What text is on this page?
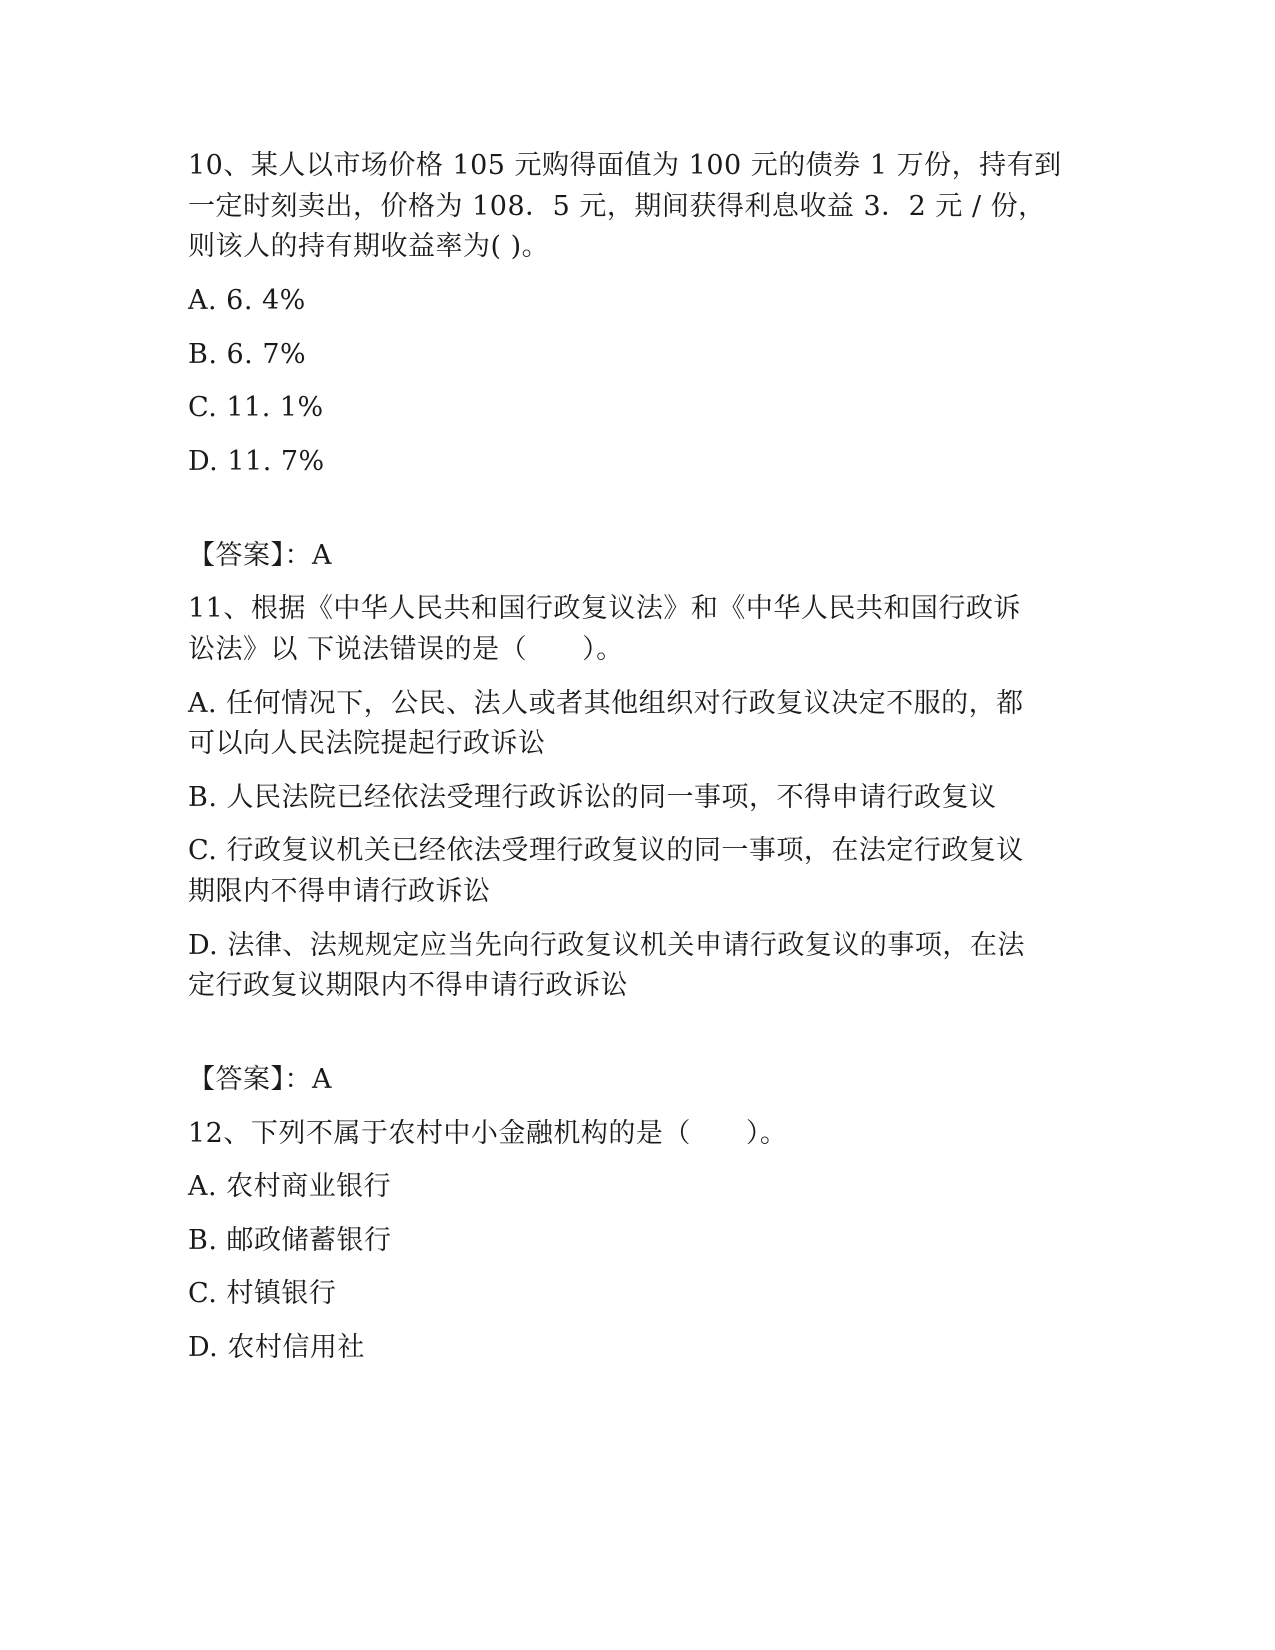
10、某人以市场价格 105 元购得面值为 100 元的债券 1 万份，持有到
一定时刻卖出，价格为 108．5 元，期间获得利息收益 3．2 元 / 份，
则该人的持有期收益率为( )。
A. 6. 4%
B. 6. 7%
C. 11. 1%
D. 11. 7%
【答案】：A
11、根据《中华人民共和国行政复议法》和《中华人民共和国行政诉
讼法》以 下说法错误的是（　　）。
A. 任何情况下，公民、法人或者其他组织对行政复议决定不服的，都
可以向人民法院提起行政诉讼
B. 人民法院已经依法受理行政诉讼的同一事项，不得申请行政复议
C. 行政复议机关已经依法受理行政复议的同一事项，在法定行政复议
期限内不得申请行政诉讼
D. 法律、法规规定应当先向行政复议机关申请行政复议的事项，在法
定行政复议期限内不得申请行政诉讼
【答案】：A
12、下列不属于农村中小金融机构的是（　　）。
A. 农村商业银行
B. 邮政储蓄银行
C. 村镇银行
D. 农村信用社
